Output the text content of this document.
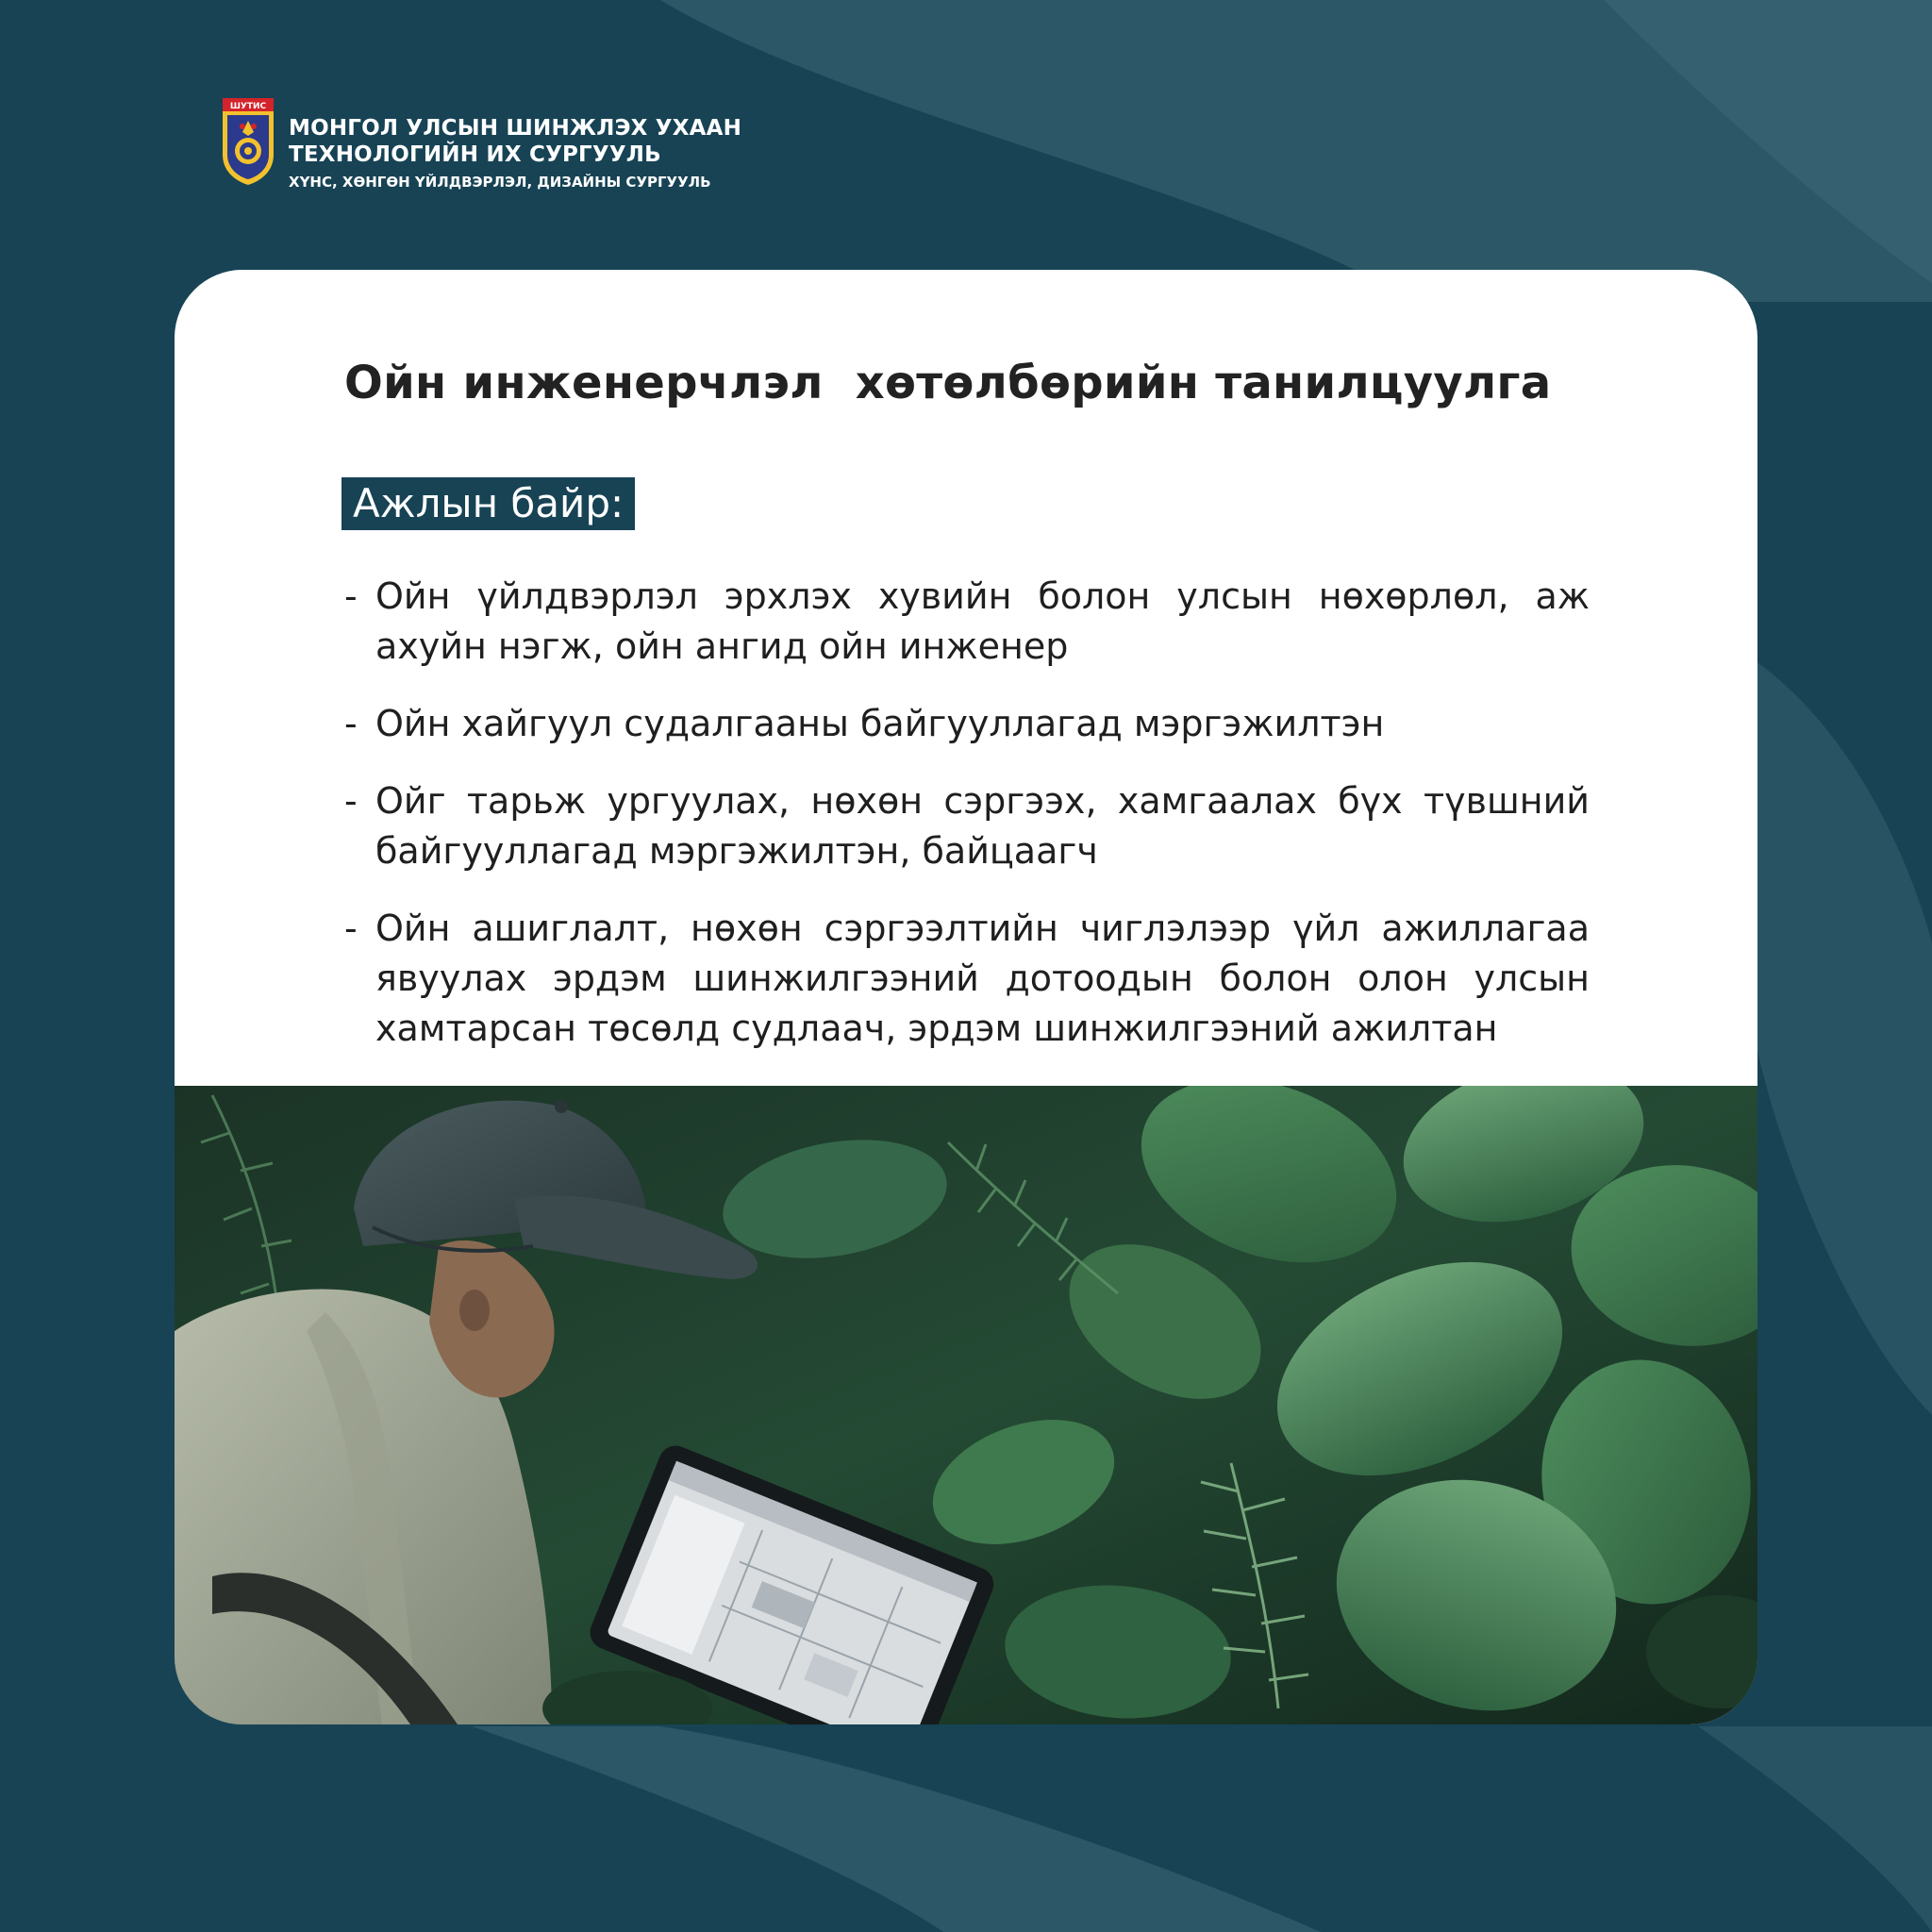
ШУТИС
МОНГОЛ УЛСЫН ШИНЖЛЭХ УХААН
ТЕХНОЛОГИЙН ИХ СУРГУУЛЬ
ХҮНС, ХӨНГӨН ҮЙЛДВЭРЛЭЛ, ДИЗАЙНЫ СУРГУУЛЬ
Ойн инженерчлэл  хөтөлбөрийн танилцуулга
Ажлын байр:
- Ойн үйлдвэрлэл эрхлэх хувийн болон улсын нөхөрлөл, аж ахуйн нэгж, ойн ангид ойн инженер
- Ойн хайгуул судалгааны байгууллагад мэргэжилтэн
- Ойг тарьж ургуулах, нөхөн сэргээх, хамгаалах бүх түвшний байгууллагад мэргэжилтэн, байцаагч
- Ойн ашиглалт, нөхөн сэргээлтийн чиглэлээр үйл ажиллагаа явуулах эрдэм шинжилгээний дотоодын болон олон улсын хамтарсан төсөлд судлаач, эрдэм шинжилгээний ажилтан
